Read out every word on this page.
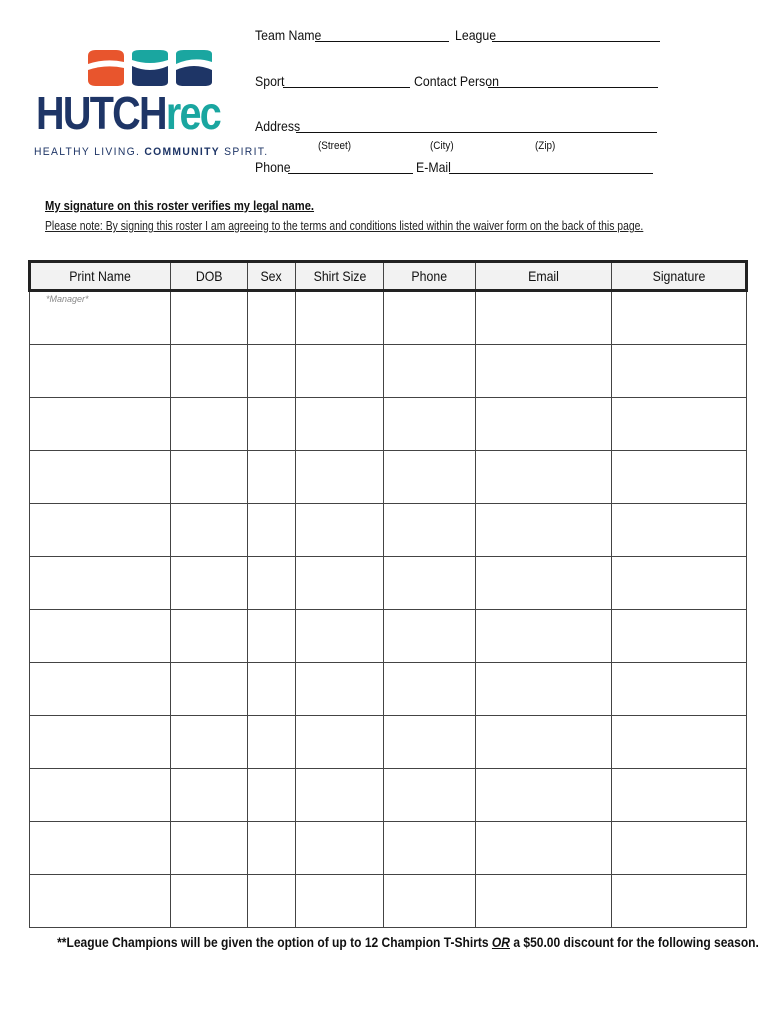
HUTCHrec
HEALTHY LIVING. COMMUNITY SPIRIT.
Team Name	League
Sport	Contact Person
Address
(Street)	(City)	(Zip)
Phone	E-Mail
My signature on this roster verifies my legal name.
Please note: By signing this roster I am agreeing to the terms and conditions listed within the waiver form on the back of this page.
Print Name	DOB	Sex	Shirt Size	Phone	Email	Signature

*Manager*						

**League Champions will be given the option of up to 12 Champion T-Shirts OR a $50.00 discount for the following season.
